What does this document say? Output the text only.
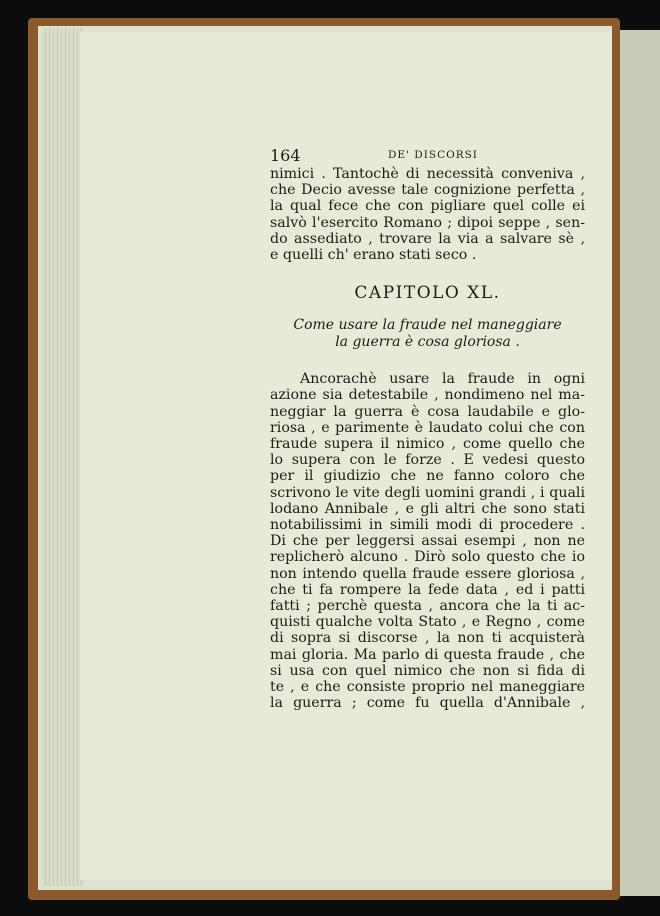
164	DE' DISCORSI
nimici . Tantochè di necessità conveniva ,
che Decio avesse tale cognizione perfetta ,
la qual fece che con pigliare quel colle ei
salvò l'esercito Romano ; dipoi seppe , sen-
do assediato , trovare la via a salvare sè ,
e quelli ch' erano stati seco .
CAPITOLO XL.
Come usare la fraude nel maneggiare
la guerra è cosa gloriosa .
Ancorachè usare la fraude in ogni
azione sia detestabile , nondimeno nel ma-
neggiar la guerra è cosa laudabile e glo-
riosa , e parimente è laudato colui che con
fraude supera il nimico , come quello che
lo supera con le forze . E vedesi questo
per il giudizio che ne fanno coloro che
scrivono le vite degli uomini grandi , i quali
lodano Annibale , e gli altri che sono stati
notabilissimi in simili modi di procedere .
Di che per leggersi assai esempi , non ne
replicherò alcuno . Dirò solo questo che io
non intendo quella fraude essere gloriosa ,
che ti fa rompere la fede data , ed i patti
fatti ; perchè questa , ancora che la ti ac-
quisti qualche volta Stato , e Regno , come
di sopra si discorse , la non ti acquisterà
mai gloria. Ma parlo di questa fraude , che
si usa con quel nimico che non si fida di
te , e che consiste proprio nel maneggiare
la guerra ; come fu quella d'Annibale ,
